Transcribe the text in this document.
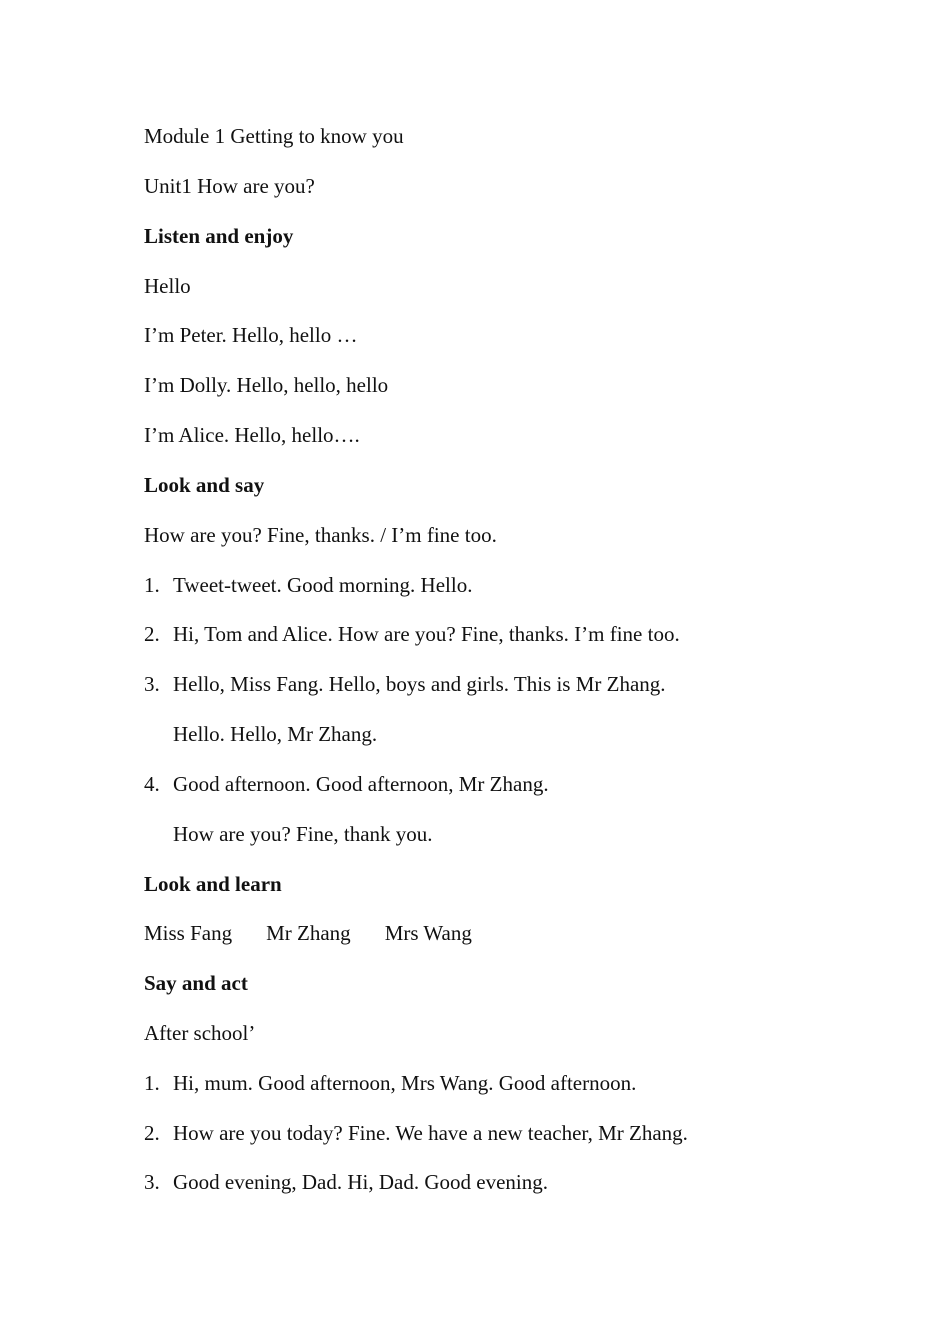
Module 1 Getting to know you
Unit1 How are you?
Listen and enjoy
Hello
I’m Peter. Hello, hello …
I’m Dolly. Hello, hello, hello
I’m Alice. Hello, hello….
Look and say
How are you? Fine, thanks. / I’m fine too.
1. Tweet-tweet. Good morning. Hello.
2. Hi, Tom and Alice. How are you? Fine, thanks. I’m fine too.
3. Hello, Miss Fang. Hello, boys and girls. This is Mr Zhang.
Hello. Hello, Mr Zhang.
4. Good afternoon. Good afternoon, Mr Zhang.
How are you? Fine, thank you.
Look and learn
Miss Fang Mr Zhang Mrs Wang
Say and act
After school’
1. Hi, mum. Good afternoon, Mrs Wang. Good afternoon.
2. How are you today? Fine. We have a new teacher, Mr Zhang.
3. Good evening, Dad. Hi, Dad. Good evening.
